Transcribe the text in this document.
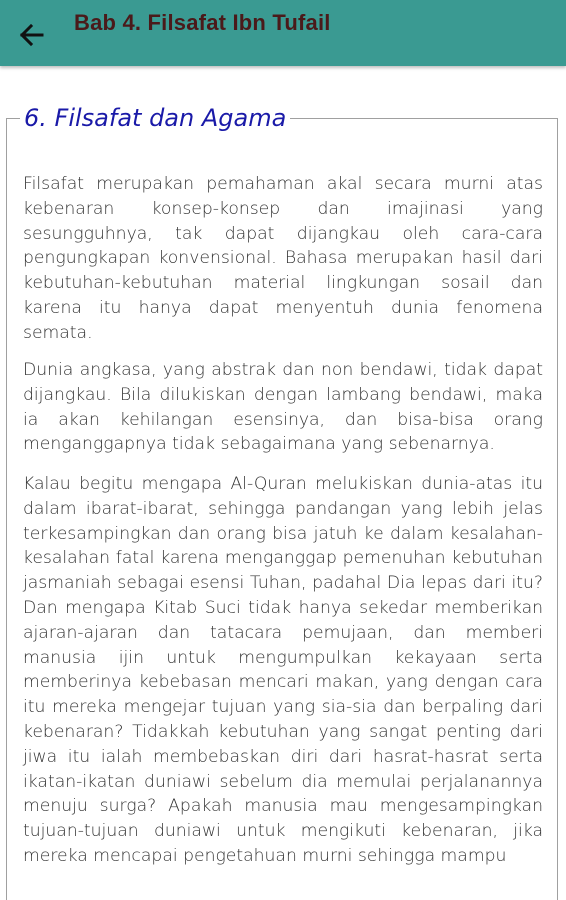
Bab 4. Filsafat Ibn Tufail
6. Filsafat dan Agama

Filsafat merupakan pemahaman akal secara murni atas kebenaran konsep-konsep dan imajinasi yang sesungguhnya, tak dapat dijangkau oleh cara-cara pengungkapan konvensional. Bahasa merupakan hasil dari kebutuhan-kebutuhan material lingkungan sosail dan karena itu hanya dapat menyentuh dunia fenomena semata.

Dunia angkasa, yang abstrak dan non bendawi, tidak dapat dijangkau. Bila dilukiskan dengan lambang bendawi, maka ia akan kehilangan esensinya, dan bisa-bisa orang menganggapnya tidak sebagaimana yang sebenarnya.

Kalau begitu mengapa Al-Quran melukiskan dunia-atas itu dalam ibarat-ibarat, sehingga pandangan yang lebih jelas terkesampingkan dan orang bisa jatuh ke dalam kesalahan-kesalahan fatal karena menganggap pemenuhan kebutuhan jasmaniah sebagai esensi Tuhan, padahal Dia lepas dari itu? Dan mengapa Kitab Suci tidak hanya sekedar memberikan ajaran-ajaran dan tatacara pemujaan, dan memberi manusia ijin untuk mengumpulkan kekayaan serta memberinya kebebasan mencari makan, yang dengan cara itu mereka mengejar tujuan yang sia-sia dan berpaling dari kebenaran? Tidakkah kebutuhan yang sangat penting dari jiwa itu ialah membebaskan diri dari hasrat-hasrat serta ikatan-ikatan duniawi sebelum dia memulai perjalanannya menuju surga? Apakah manusia mau mengesampingkan tujuan-tujuan duniawi untuk mengikuti kebenaran, jika mereka mencapai pengetahuan murni sehingga mampu
